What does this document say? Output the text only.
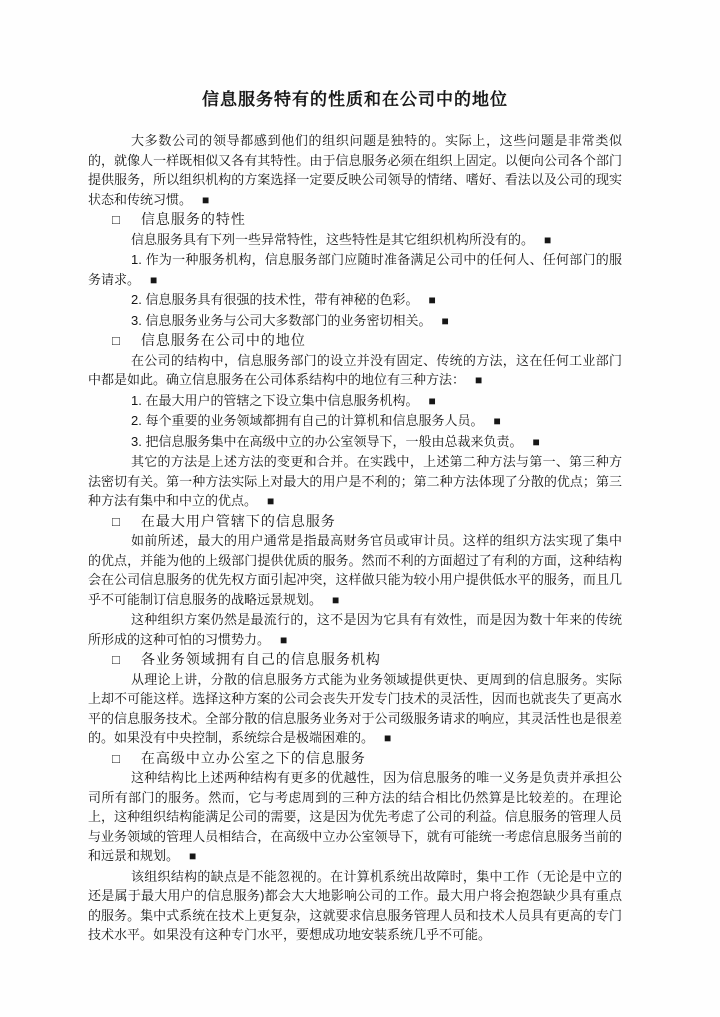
信息服务特有的性质和在公司中的地位

大多数公司的领导都感到他们的组织问题是独特的。实际上，这些问题是非常类似的，就像人一样既相似又各有其特性。由于信息服务必须在组织上固定。以便向公司各个部门提供服务，所以组织机构的方案选择一定要反映公司领导的情绪、嗜好、看法以及公司的现实状态和传统习惯。 ■

□ 信息服务的特性

信息服务具有下列一些异常特性，这些特性是其它组织机构所没有的。 ■

1. 作为一种服务机构，信息服务部门应随时准备满足公司中的任何人、任何部门的服务请求。 ■

2. 信息服务具有很强的技术性，带有神秘的色彩。 ■

3. 信息服务业务与公司大多数部门的业务密切相关。 ■

□ 信息服务在公司中的地位

在公司的结构中，信息服务部门的设立并没有固定、传统的方法，这在任何工业部门中都是如此。确立信息服务在公司体系结构中的地位有三种方法： ■

1. 在最大用户的管辖之下设立集中信息服务机构。 ■

2. 每个重要的业务领域都拥有自己的计算机和信息服务人员。 ■

3. 把信息服务集中在高级中立的办公室领导下，一般由总裁来负责。 ■

其它的方法是上述方法的变更和合并。在实践中，上述第二种方法与第一、第三种方法密切有关。第一种方法实际上对最大的用户是不利的；第二种方法体现了分散的优点；第三种方法有集中和中立的优点。 ■

□ 在最大用户管辖下的信息服务

如前所述，最大的用户通常是指最高财务官员或审计员。这样的组织方法实现了集中的优点，并能为他的上级部门提供优质的服务。然而不利的方面超过了有利的方面，这种结构会在公司信息服务的优先权方面引起冲突，这样做只能为较小用户提供低水平的服务，而且几乎不可能制订信息服务的战略远景规划。 ■

这种组织方案仍然是最流行的，这不是因为它具有有效性，而是因为数十年来的传统所形成的这种可怕的习惯势力。 ■

□ 各业务领域拥有自己的信息服务机构

从理论上讲，分散的信息服务方式能为业务领域提供更快、更周到的信息服务。实际上却不可能这样。选择这种方案的公司会丧失开发专门技术的灵活性，因而也就丧失了更高水平的信息服务技术。全部分散的信息服务业务对于公司级服务请求的响应，其灵活性也是很差的。如果没有中央控制，系统综合是极端困难的。 ■

□ 在高级中立办公室之下的信息服务

这种结构比上述两种结构有更多的优越性，因为信息服务的唯一义务是负责并承担公司所有部门的服务。然而，它与考虑周到的三种方法的结合相比仍然算是比较差的。在理论上，这种组织结构能满足公司的需要，这是因为优先考虑了公司的利益。信息服务的管理人员与业务领域的管理人员相结合，在高级中立办公室领导下，就有可能统一考虑信息服务当前的和远景和规划。 ■

该组织结构的缺点是不能忽视的。在计算机系统出故障时，集中工作（无论是中立的还是属于最大用户的信息服务)都会大大地影响公司的工作。最大用户将会抱怨缺少具有重点的服务。集中式系统在技术上更复杂，这就要求信息服务管理人员和技术人员具有更高的专门技术水平。如果没有这种专门水平，要想成功地安装系统几乎不可能。
